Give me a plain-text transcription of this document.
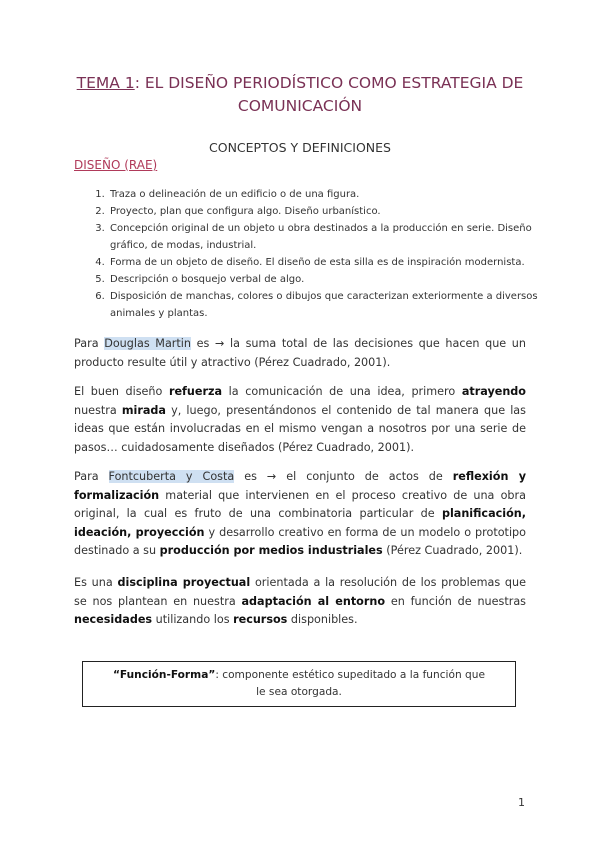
TEMA 1: EL DISEÑO PERIODÍSTICO COMO ESTRATEGIA DE
COMUNICACIÓN
CONCEPTOS Y DEFINICIONES
DISEÑO (RAE)
1. Traza o delineación de un edificio o de una figura.
2. Proyecto, plan que configura algo. Diseño urbanístico.
3. Concepción original de un objeto u obra destinados a la producción en serie. Diseño gráfico, de modas, industrial.
4. Forma de un objeto de diseño. El diseño de esta silla es de inspiración modernista.
5. Descripción o bosquejo verbal de algo.
6. Disposición de manchas, colores o dibujos que caracterizan exteriormente a diversos animales y plantas.

Para Douglas Martin es → la suma total de las decisiones que hacen que un producto resulte útil y atractivo (Pérez Cuadrado, 2001).

El buen diseño refuerza la comunicación de una idea, primero atrayendo nuestra mirada y, luego, presentándonos el contenido de tal manera que las ideas que están involucradas en el mismo vengan a nosotros por una serie de pasos… cuidadosamente diseñados (Pérez Cuadrado, 2001).

Para Fontcuberta y Costa es → el conjunto de actos de reflexión y formalización material que intervienen en el proceso creativo de una obra original, la cual es fruto de una combinatoria particular de planificación, ideación, proyección y desarrollo creativo en forma de un modelo o prototipo destinado a su producción por medios industriales (Pérez Cuadrado, 2001).

Es una disciplina proyectual orientada a la resolución de los problemas que se nos plantean en nuestra adaptación al entorno en función de nuestras necesidades utilizando los recursos disponibles.

“Función-Forma”: componente estético supeditado a la función que le sea otorgada.
1
